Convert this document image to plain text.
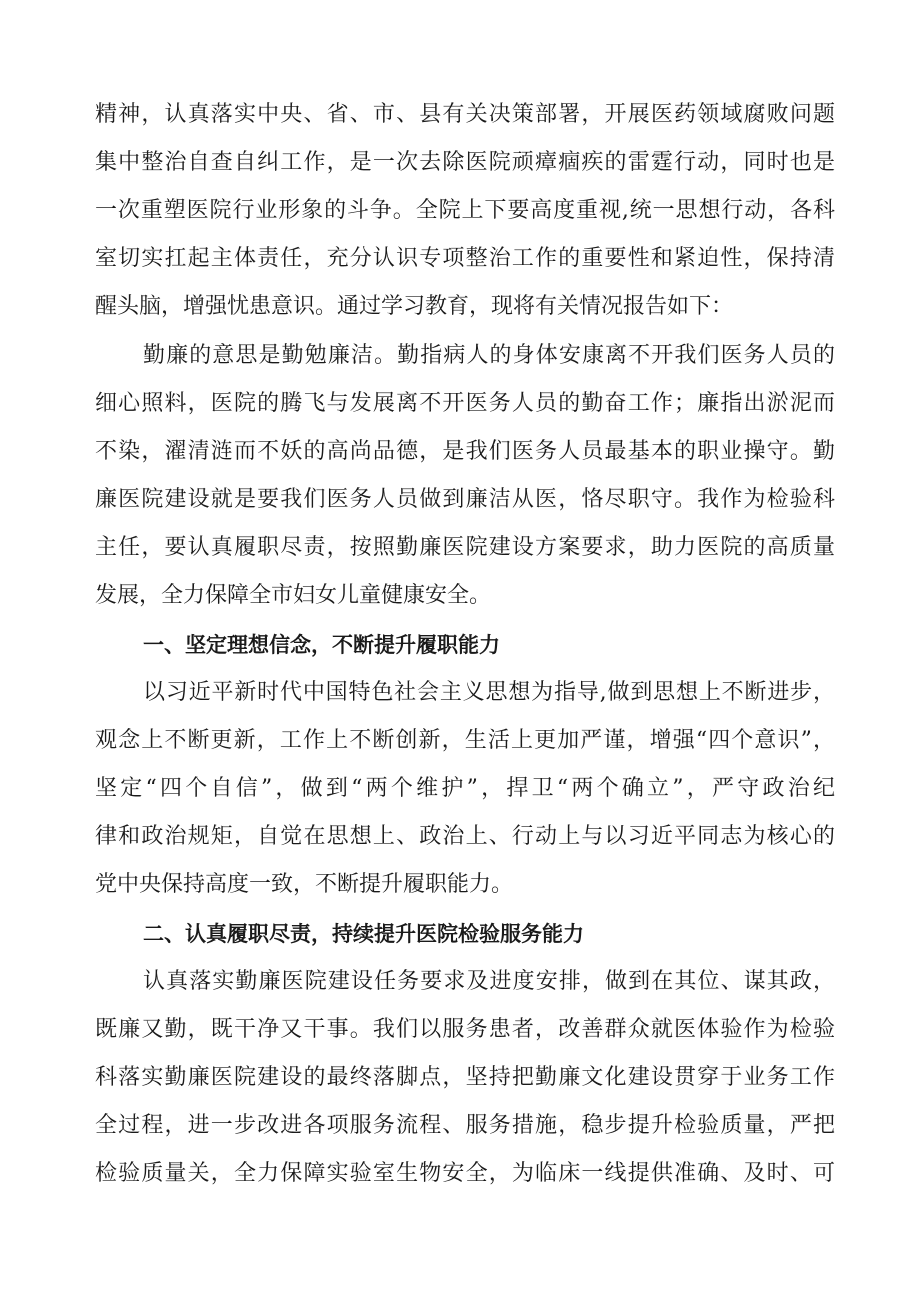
精神，认真落实中央、省、市、县有关决策部署，开展医药领域腐败问题
集中整治自查自纠工作，是一次去除医院顽瘴痼疾的雷霆行动，同时也是
一次重塑医院行业形象的斗争。全院上下要高度重视,统一思想行动，各科
室切实扛起主体责任，充分认识专项整治工作的重要性和紧迫性，保持清
醒头脑，增强忧患意识。通过学习教育，现将有关情况报告如下：
勤廉的意思是勤勉廉洁。勤指病人的身体安康离不开我们医务人员的
细心照料，医院的腾飞与发展离不开医务人员的勤奋工作；廉指出淤泥而
不染，濯清涟而不妖的高尚品德，是我们医务人员最基本的职业操守。勤
廉医院建设就是要我们医务人员做到廉洁从医，恪尽职守。我作为检验科
主任，要认真履职尽责，按照勤廉医院建设方案要求，助力医院的高质量
发展，全力保障全市妇女儿童健康安全。
一、坚定理想信念，不断提升履职能力
以习近平新时代中国特色社会主义思想为指导,做到思想上不断进步，
观念上不断更新，工作上不断创新，生活上更加严谨，增强“四个意识”，
坚定“四个自信”，做到“两个维护”，捍卫“两个确立”，严守政治纪
律和政治规矩，自觉在思想上、政治上、行动上与以习近平同志为核心的
党中央保持高度一致，不断提升履职能力。
二、认真履职尽责，持续提升医院检验服务能力
认真落实勤廉医院建设任务要求及进度安排，做到在其位、谋其政，
既廉又勤，既干净又干事。我们以服务患者，改善群众就医体验作为检验
科落实勤廉医院建设的最终落脚点，坚持把勤廉文化建设贯穿于业务工作
全过程，进一步改进各项服务流程、服务措施，稳步提升检验质量，严把
检验质量关，全力保障实验室生物安全，为临床一线提供准确、及时、可
